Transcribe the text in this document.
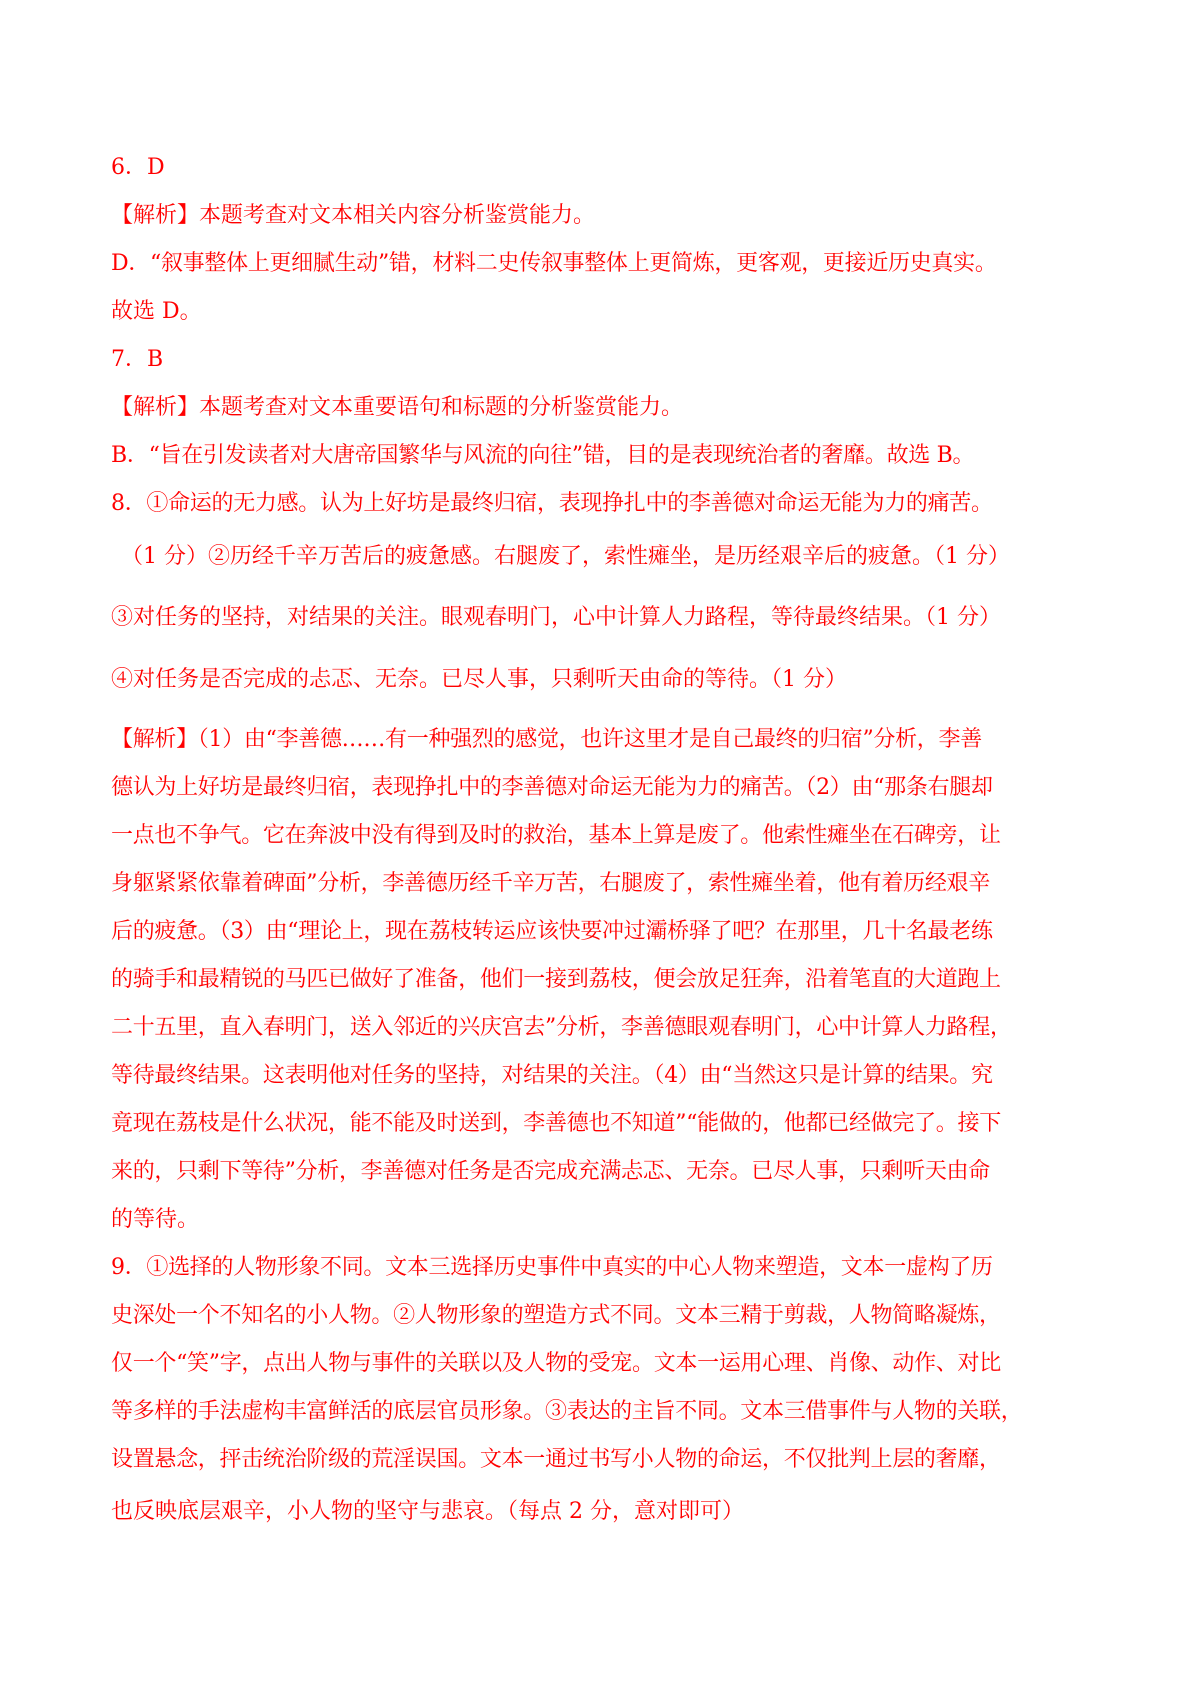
6．D

【解析】本题考查对文本相关内容分析鉴赏能力。

D．“叙事整体上更细腻生动”错，材料二史传叙事整体上更简炼，更客观，更接近历史真实。

故选 D。

7．B

【解析】本题考查对文本重要语句和标题的分析鉴赏能力。

B．“旨在引发读者对大唐帝国繁华与风流的向往”错，目的是表现统治者的奢靡。故选 B。

8．①命运的无力感。认为上好坊是最终归宿，表现挣扎中的李善德对命运无能为力的痛苦。

（1 分）②历经千辛万苦后的疲惫感。右腿废了，索性瘫坐，是历经艰辛后的疲惫。（1 分）

③对任务的坚持，对结果的关注。眼观春明门，心中计算人力路程，等待最终结果。（1 分）

④对任务是否完成的忐忑、无奈。已尽人事，只剩听天由命的等待。（1 分）

【解析】（1）由“李善德……有一种强烈的感觉，也许这里才是自己最终的归宿”分析，李善

德认为上好坊是最终归宿，表现挣扎中的李善德对命运无能为力的痛苦。（2）由“那条右腿却

一点也不争气。它在奔波中没有得到及时的救治，基本上算是废了。他索性瘫坐在石碑旁，让

身躯紧紧依靠着碑面”分析，李善德历经千辛万苦，右腿废了，索性瘫坐着，他有着历经艰辛

后的疲惫。（3）由“理论上，现在荔枝转运应该快要冲过灞桥驿了吧？在那里，几十名最老练

的骑手和最精锐的马匹已做好了准备，他们一接到荔枝，便会放足狂奔，沿着笔直的大道跑上

二十五里，直入春明门，送入邻近的兴庆宫去”分析，李善德眼观春明门，心中计算人力路程，

等待最终结果。这表明他对任务的坚持，对结果的关注。（4）由“当然这只是计算的结果。究

竟现在荔枝是什么状况，能不能及时送到，李善德也不知道”“能做的，他都已经做完了。接下

来的，只剩下等待”分析，李善德对任务是否完成充满忐忑、无奈。已尽人事，只剩听天由命

的等待。

9．①选择的人物形象不同。文本三选择历史事件中真实的中心人物来塑造，文本一虚构了历

史深处一个不知名的小人物。②人物形象的塑造方式不同。文本三精于剪裁，人物简略凝炼，

仅一个“笑”字，点出人物与事件的关联以及人物的受宠。文本一运用心理、肖像、动作、对比

等多样的手法虚构丰富鲜活的底层官员形象。③表达的主旨不同。文本三借事件与人物的关联，

设置悬念，抨击统治阶级的荒淫误国。文本一通过书写小人物的命运，不仅批判上层的奢靡，

也反映底层艰辛，小人物的坚守与悲哀。（每点 2 分，意对即可）
